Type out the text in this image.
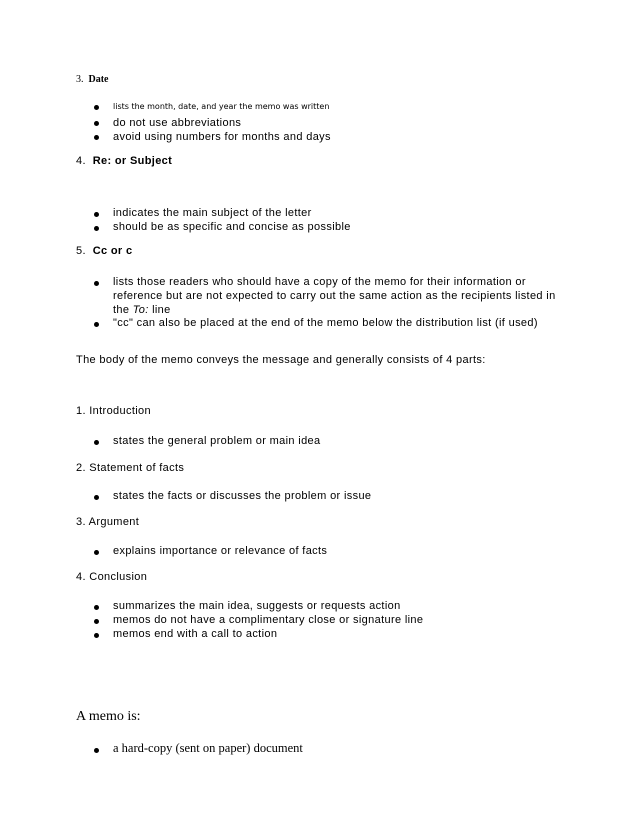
3. Date
lists the month, date, and year the memo was written
do not use abbreviations
avoid using numbers for months and days
4. Re: or Subject
indicates the main subject of the letter
should be as specific and concise as possible
5. Cc or c
lists those readers who should have a copy of the memo for their information or
reference but are not expected to carry out the same action as the recipients listed in
the To: line
"cc" can also be placed at the end of the memo below the distribution list (if used)
The body of the memo conveys the message and generally consists of 4 parts:
1. Introduction
states the general problem or main idea
2. Statement of facts
states the facts or discusses the problem or issue
3. Argument
explains importance or relevance of facts
4. Conclusion
summarizes the main idea, suggests or requests action
memos do not have a complimentary close or signature line
memos end with a call to action
A memo is:
a hard-copy (sent on paper) document
